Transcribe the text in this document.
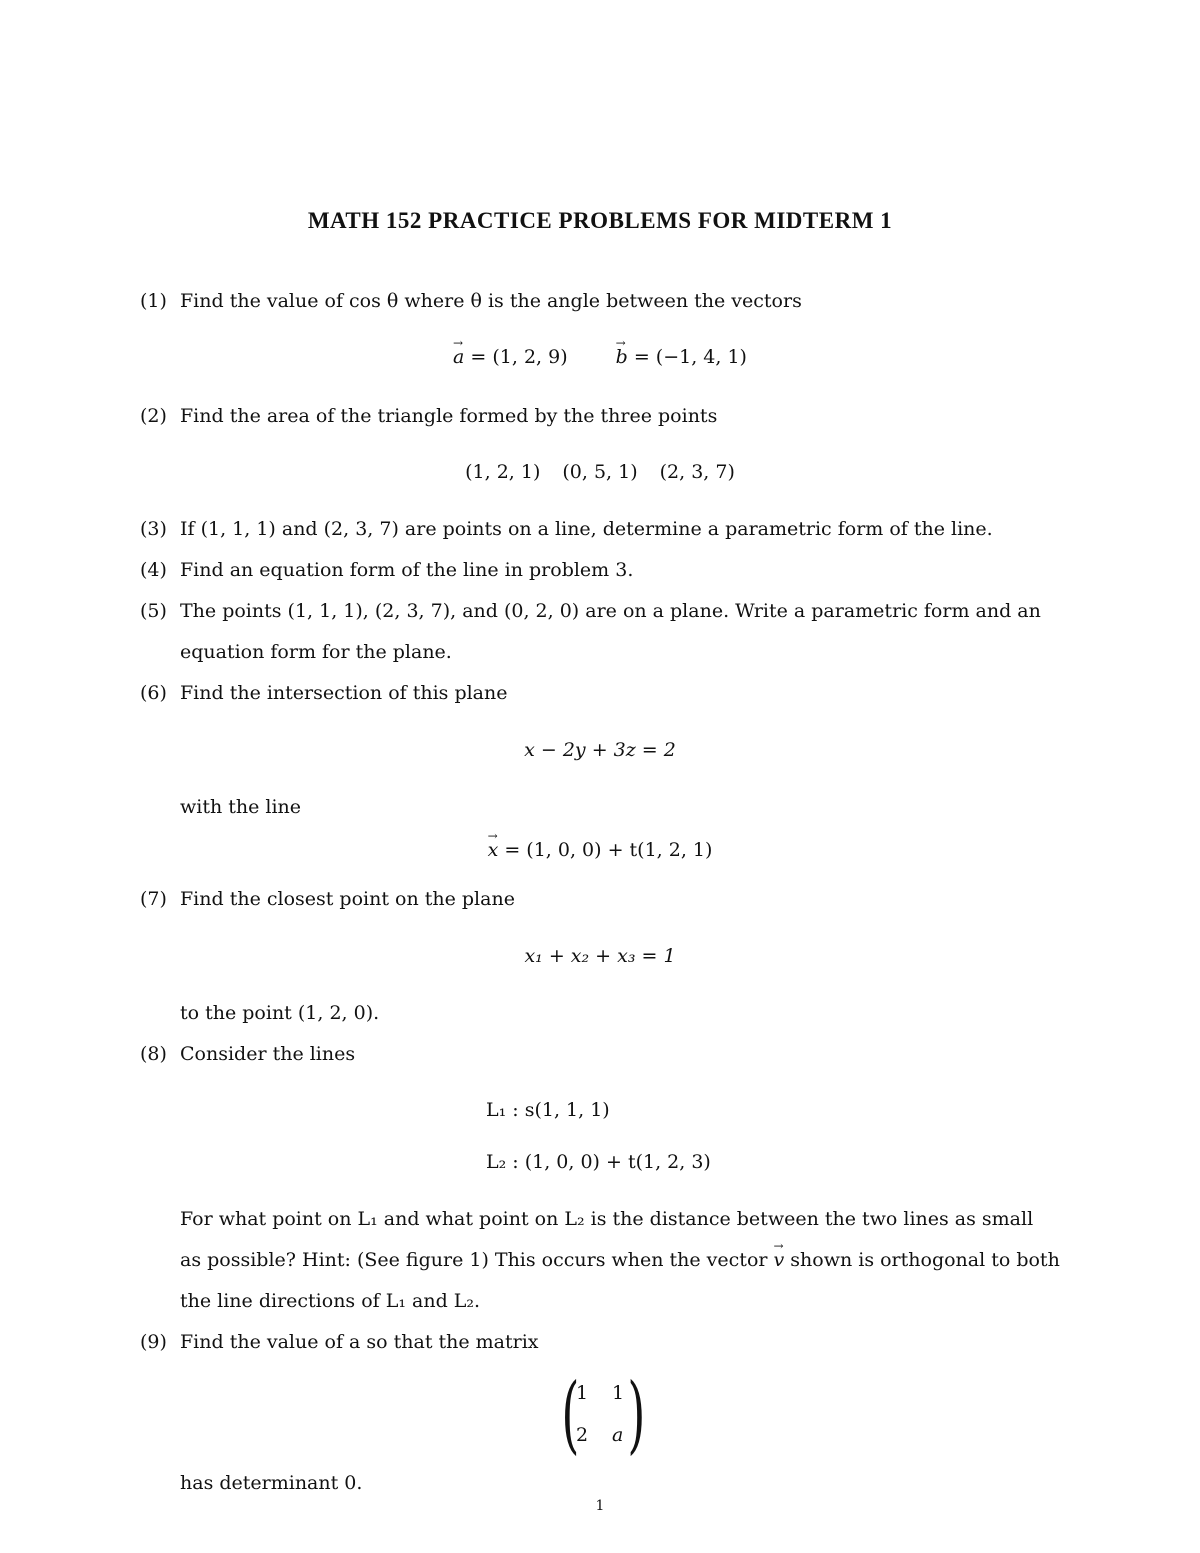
MATH 152 PRACTICE PROBLEMS FOR MIDTERM 1
(1) Find the value of cos θ where θ is the angle between the vectors
→ a = (1, 2, 9)→	b = (−1, 4, 1)
(2) Find the area of the triangle formed by the three points
(1, 2, 1) (0, 5, 1) (2, 3, 7)
(3) If (1, 1, 1) and (2, 3, 7) are points on a line, determine a parametric form of the line.
(4) Find an equation form of the line in problem 3.
(5) The points (1, 1, 1), (2, 3, 7), and (0, 2, 0) are on a plane. Write a parametric form and an
equation form for the plane.
(6) Find the intersection of this plane
x − 2y + 3z = 2
with the line
→ x = (1, 0, 0) + t(1, 2, 1)
(7) Find the closest point on the plane
x₁ + x₂ + x₃ = 1
to the point (1, 2, 0).
(8) Consider the lines
L₁ : s(1, 1, 1)
L₂ : (1, 0, 0) + t(1, 2, 3)
For what point on L₁ and what point on L₂ is the distance between the two lines as small
as possible? Hint: (See figure 1) This occurs when the vector → v shown is orthogonal to both
the line directions of L₁ and L₂.
(9) Find the value of a so that the matrix
(
1 1
2 a )
has determinant 0.
1
